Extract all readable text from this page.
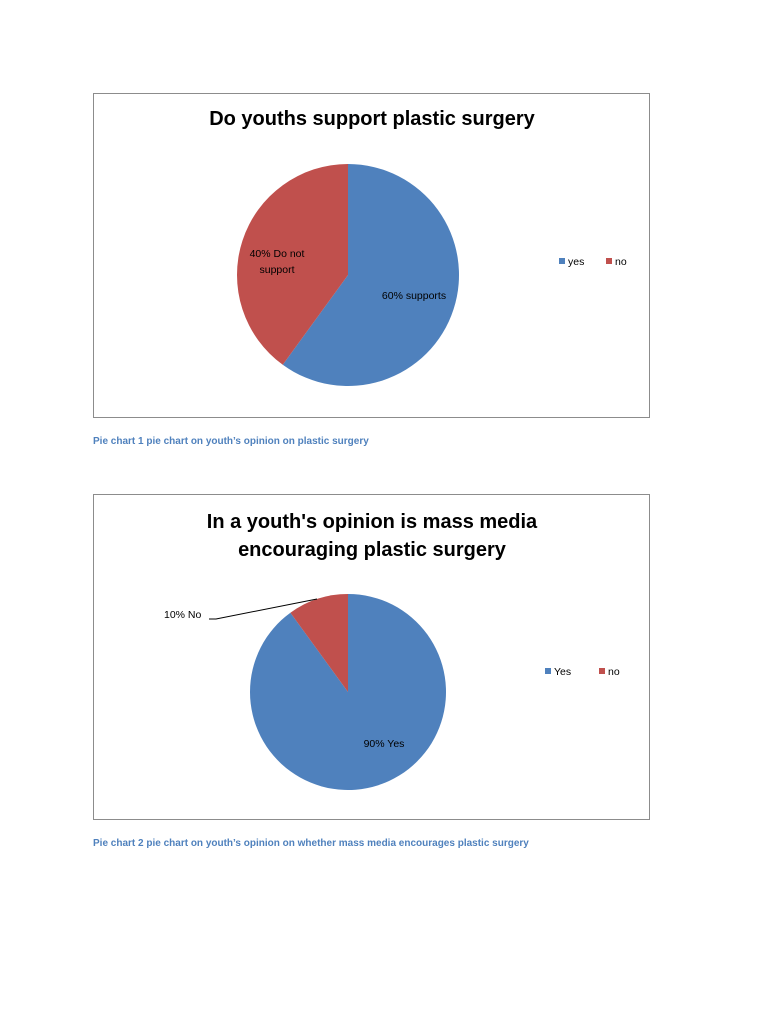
Do youths support plastic surgery
40% Do not
support
60% supports
yes	no
Pie chart 1 pie chart on youth’s opinion on plastic surgery
In a youth's opinion is mass media
encouraging plastic surgery
10% No
90% Yes
Yes	no
Pie chart 2 pie chart on youth’s opinion on whether mass media encourages plastic surgery
